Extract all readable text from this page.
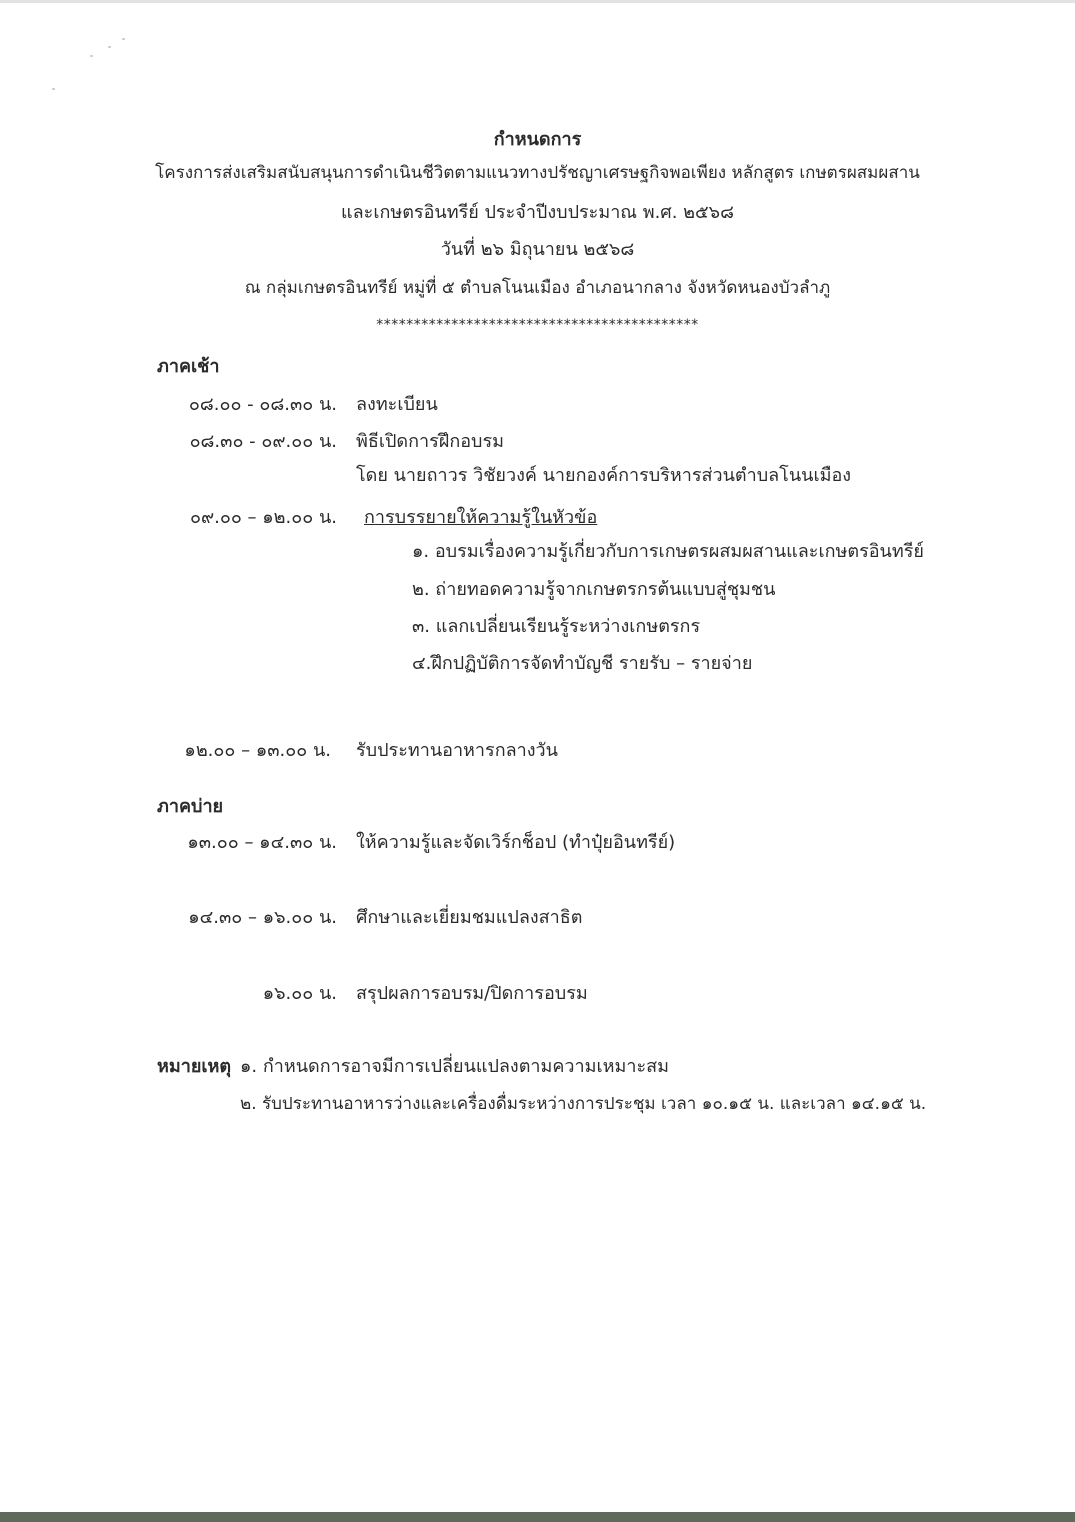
กำหนดการ
โครงการส่งเสริมสนับสนุนการดำเนินชีวิตตามแนวทางปรัชญาเศรษฐกิจพอเพียง หลักสูตร เกษตรผสมผสาน
และเกษตรอินทรีย์ ประจำปีงบประมาณ พ.ศ. ๒๕๖๘
วันที่ ๒๖ มิถุนายน ๒๕๖๘
ณ กลุ่มเกษตรอินทรีย์ หมู่ที่ ๕ ตำบลโนนเมือง อำเภอนากลาง จังหวัดหนองบัวลำภู
*******************************************
ภาคเช้า
๐๘.๐๐ - ๐๘.๓๐ น. ลงทะเบียน
๐๘.๓๐ - ๐๙.๐๐ น. พิธีเปิดการฝึกอบรม
โดย นายถาวร วิชัยวงค์ นายกองค์การบริหารส่วนตำบลโนนเมือง
๐๙.๐๐ – ๑๒.๐๐ น. การบรรยายให้ความรู้ในหัวข้อ
๑. อบรมเรื่องความรู้เกี่ยวกับการเกษตรผสมผสานและเกษตรอินทรีย์
๒. ถ่ายทอดความรู้จากเกษตรกรต้นแบบสู่ชุมชน
๓. แลกเปลี่ยนเรียนรู้ระหว่างเกษตรกร
๔.ฝึกปฏิบัติการจัดทำบัญชี รายรับ – รายจ่าย
๑๒.๐๐ – ๑๓.๐๐ น. รับประทานอาหารกลางวัน
ภาคบ่าย
๑๓.๐๐ – ๑๔.๓๐ น. ให้ความรู้และจัดเวิร์กช็อป (ทำปุ๋ยอินทรีย์)
๑๔.๓๐ – ๑๖.๐๐ น. ศึกษาและเยี่ยมชมแปลงสาธิต
๑๖.๐๐ น. สรุปผลการอบรม/ปิดการอบรม
หมายเหตุ ๑. กำหนดการอาจมีการเปลี่ยนแปลงตามความเหมาะสม
๒. รับประทานอาหารว่างและเครื่องดื่มระหว่างการประชุม เวลา ๑๐.๑๕ น. และเวลา ๑๔.๑๕ น.
